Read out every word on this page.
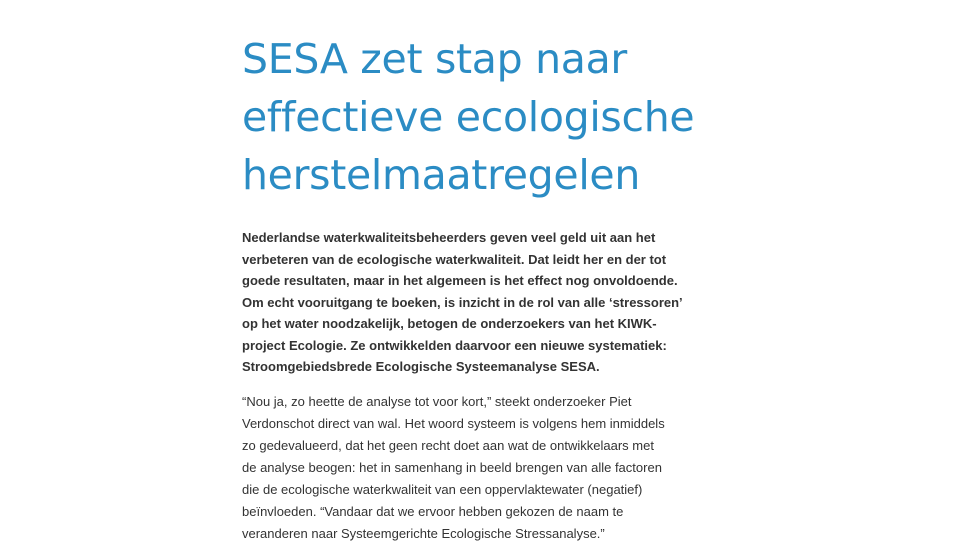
SESA zet stap naar
effectieve ecologische
herstelmaatregelen

Nederlandse waterkwaliteitsbeheerders geven veel geld uit aan het
verbeteren van de ecologische waterkwaliteit. Dat leidt her en der tot
goede resultaten, maar in het algemeen is het effect nog onvoldoende.
Om echt vooruitgang te boeken, is inzicht in de rol van alle ‘stressoren’
op het water noodzakelijk, betogen de onderzoekers van het KIWK-
project Ecologie. Ze ontwikkelden daarvoor een nieuwe systematiek:
Stroomgebiedsbrede Ecologische Systeemanalyse SESA.

“Nou ja, zo heette de analyse tot voor kort,” steekt onderzoeker Piet
Verdonschot direct van wal. Het woord systeem is volgens hem inmiddels
zo gedevalueerd, dat het geen recht doet aan wat de ontwikkelaars met
de analyse beogen: het in samenhang in beeld brengen van alle factoren
die de ecologische waterkwaliteit van een oppervlaktewater (negatief)
beïnvloeden. “Vandaar dat we ervoor hebben gekozen de naam te
veranderen naar Systeemgerichte Ecologische Stressanalyse.”
